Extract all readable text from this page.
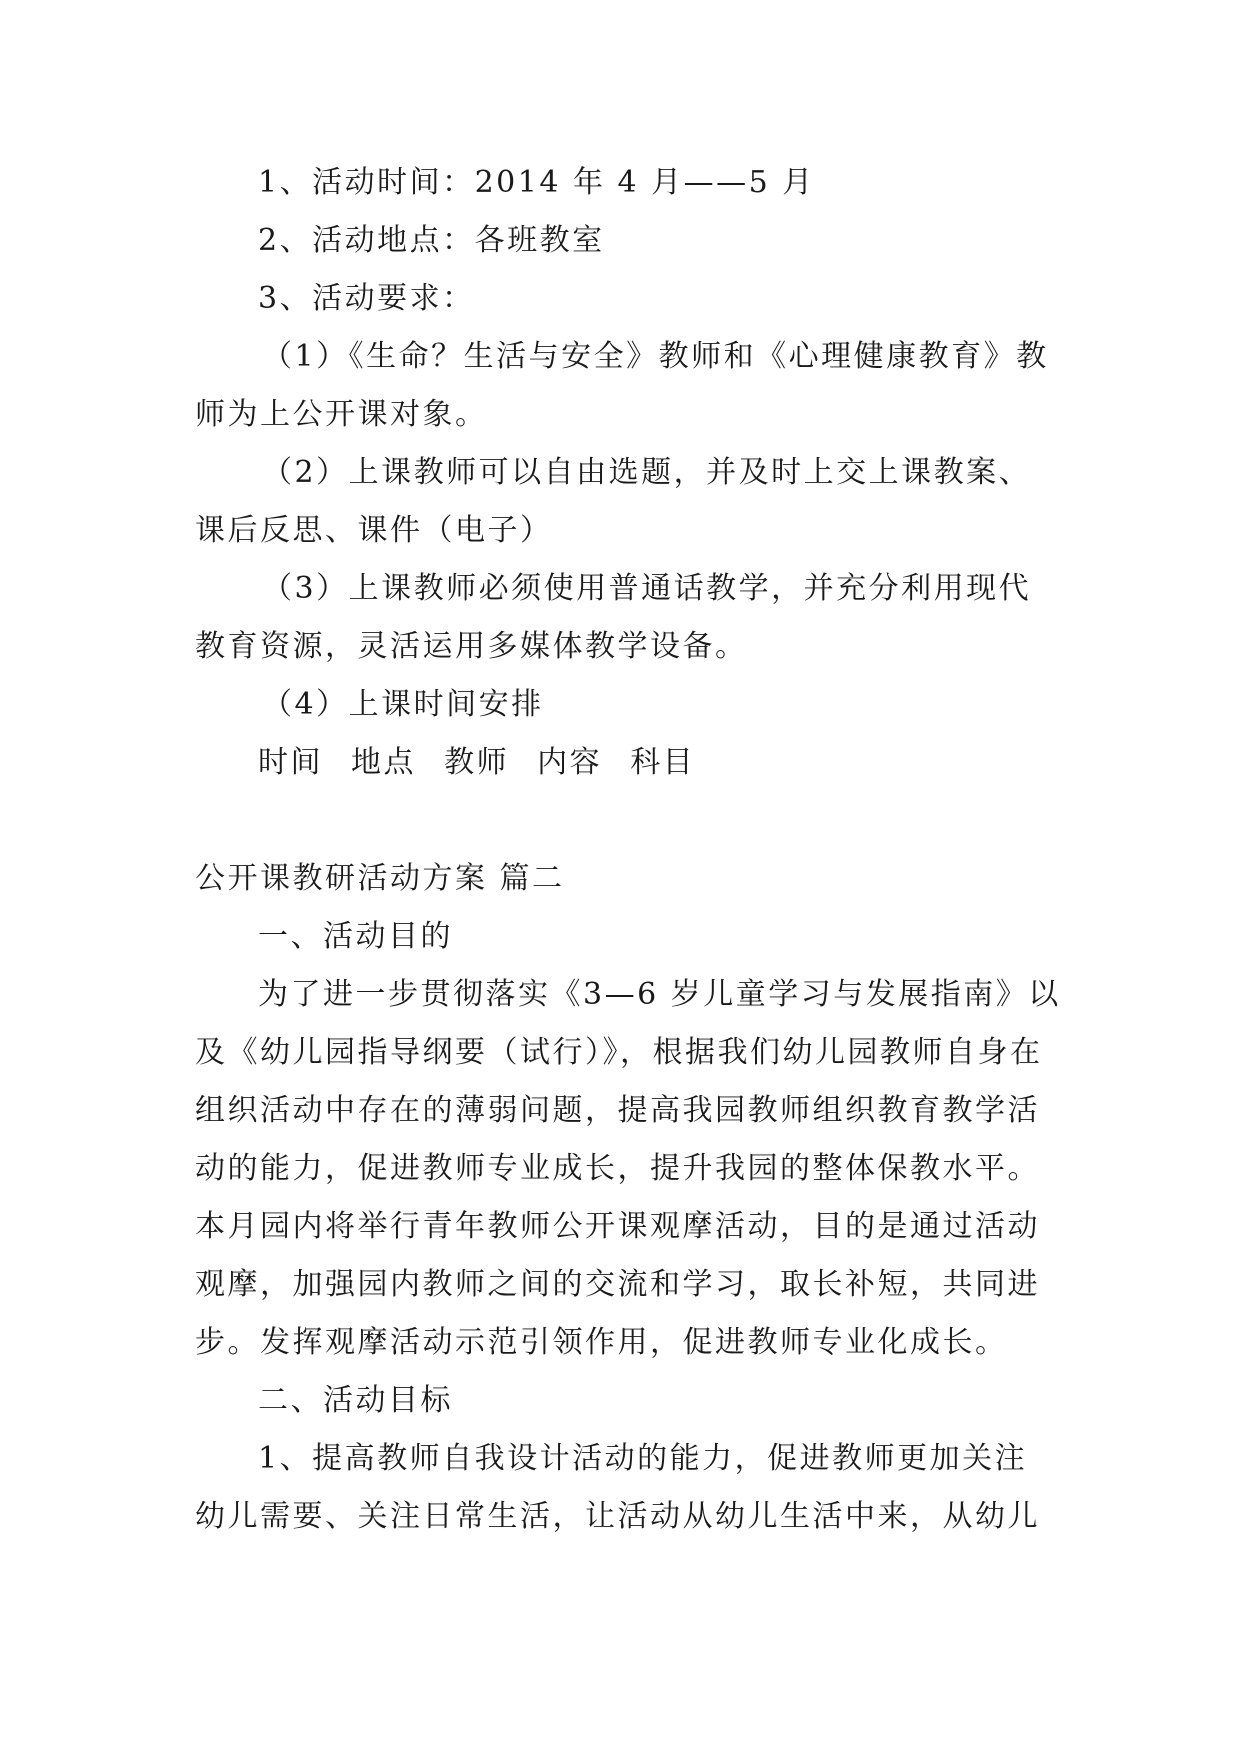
1、活动时间：2014 年 4 月——5 月
2、活动地点：各班教室
3、活动要求：
（1）《生命？生活与安全》教师和《心理健康教育》教
师为上公开课对象。
（2）上课教师可以自由选题，并及时上交上课教案、
课后反思、课件（电子）
（3）上课教师必须使用普通话教学，并充分利用现代
教育资源，灵活运用多媒体教学设备。
（4）上课时间安排
时间 地点 教师 内容 科目
公开课教研活动方案 篇二
一、活动目的
为了进一步贯彻落实《3—6 岁儿童学习与发展指南》以
及《幼儿园指导纲要（试行）》，根据我们幼儿园教师自身在
组织活动中存在的薄弱问题，提高我园教师组织教育教学活
动的能力，促进教师专业成长，提升我园的整体保教水平。
本月园内将举行青年教师公开课观摩活动，目的是通过活动
观摩，加强园内教师之间的交流和学习，取长补短，共同进
步。发挥观摩活动示范引领作用，促进教师专业化成长。
二、活动目标
1、提高教师自我设计活动的能力，促进教师更加关注
幼儿需要、关注日常生活，让活动从幼儿生活中来，从幼儿
